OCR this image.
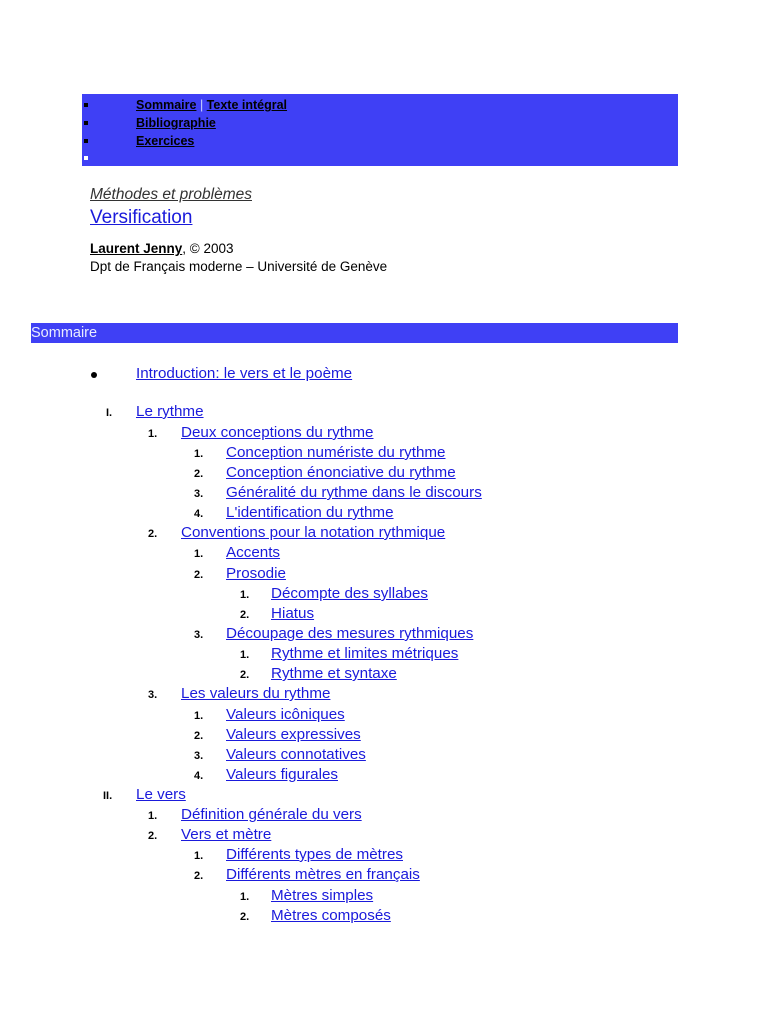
Sommaire | Texte intégral
Bibliographie
Exercices
Méthodes et problèmes
Versification
Laurent Jenny, © 2003
Dpt de Français moderne – Université de Genève
Sommaire
Introduction: le vers et le poème
I.	Le rythme
1.	Deux conceptions du rythme
1.	Conception numériste du rythme
2.	Conception énonciative du rythme
3.	Généralité du rythme dans le discours
4.	L'identification du rythme
2.	Conventions pour la notation rythmique
1.	Accents
2.	Prosodie
1.	Décompte des syllabes
2.	Hiatus
3.	Découpage des mesures rythmiques
1.	Rythme et limites métriques
2.	Rythme et syntaxe
3.	Les valeurs du rythme
1.	Valeurs icôniques
2.	Valeurs expressives
3.	Valeurs connotatives
4.	Valeurs figurales
II.	Le vers
1.	Définition générale du vers
2.	Vers et mètre
1.	Différents types de mètres
2.	Différents mètres en français
1.	Mètres simples
2.	Mètres composés
